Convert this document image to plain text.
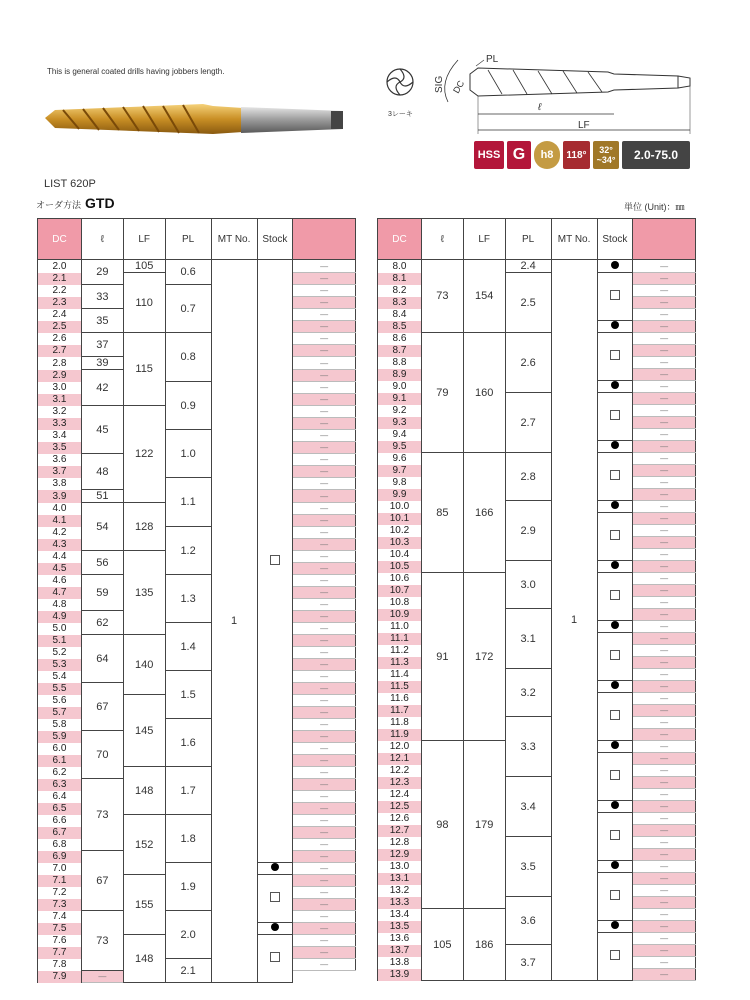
This is general coated drills having jobbers length.
3レーキ
SIG DC
PL
ℓ
LF
HSS G	h8	118° 32°
~34°	2.0-75.0
LIST 620P
オーダ方法 GTD	単位 (Unit)：㎜
DC	ℓ	LF	PL	MT No.	Stock	
2.0	29	105	0.6	1		—
2.1		110				—
2.2	33		0.7			—
2.3						—
2.4	35					—
2.5						—
2.6	37	115	0.8			—
2.7						—
2.8	39					—
2.9	42					—
3.0			0.9			—
3.1						—
3.2	45	122				—
3.3						—
3.4			1.0			—
3.5						—
3.6	48					—
3.7						—
3.8			1.1			—
3.9	51					—
4.0	54	128				—
4.1						—
4.2			1.2			—
4.3						—
4.4	56	135				—
4.5						—
4.6	59		1.3			—
4.7						—
4.8						—
4.9	62					—
5.0			1.4			—
5.1	64	140				—
5.2						—
5.3						—
5.4			1.5			—
5.5	67					—
5.6		145				—
5.7						—
5.8			1.6			—
5.9	70					—
6.0						—
6.1						—
6.2		148	1.7			—
6.3	73					—
6.4						—
6.5						—
6.6		152	1.8			—
6.7						—
6.8						—
6.9	67					—
7.0			1.9			—
7.1		155				—
7.2						—
7.3						—
7.4	73		2.0			—
7.5						—
7.6		148				—
7.7						—
7.8			2.1			—
7.9	—					
DC	ℓ	LF	PL	MT No.	Stock	
8.0	73	154	2.4	1		—
8.1			2.5			—
8.2						—
8.3						—
8.4						—
8.5						—
8.6	79	160	2.6			—
8.7						—
8.8						—
8.9						—
9.0						—
9.1			2.7			—
9.2						—
9.3						—
9.4						—
9.5						—
9.6	85	166	2.8			—
9.7						—
9.8						—
9.9						—
10.0			2.9			—
10.1						—
10.2						—
10.3						—
10.4						—
10.5			3.0			—
10.6	91	172				—
10.7						—
10.8						—
10.9			3.1			—
11.0						—
11.1						—
11.2						—
11.3						—
11.4			3.2			—
11.5						—
11.6						—
11.7						—
11.8			3.3			—
11.9						—
12.0	98	179				—
12.1						—
12.2						—
12.3			3.4			—
12.4						—
12.5						—
12.6						—
12.7						—
12.8			3.5			—
12.9						—
13.0						—
13.1						—
13.2						—
13.3			3.6			—
13.4	105	186				—
13.5						—
13.6						—
13.7			3.7			—
13.8						—
13.9						—
